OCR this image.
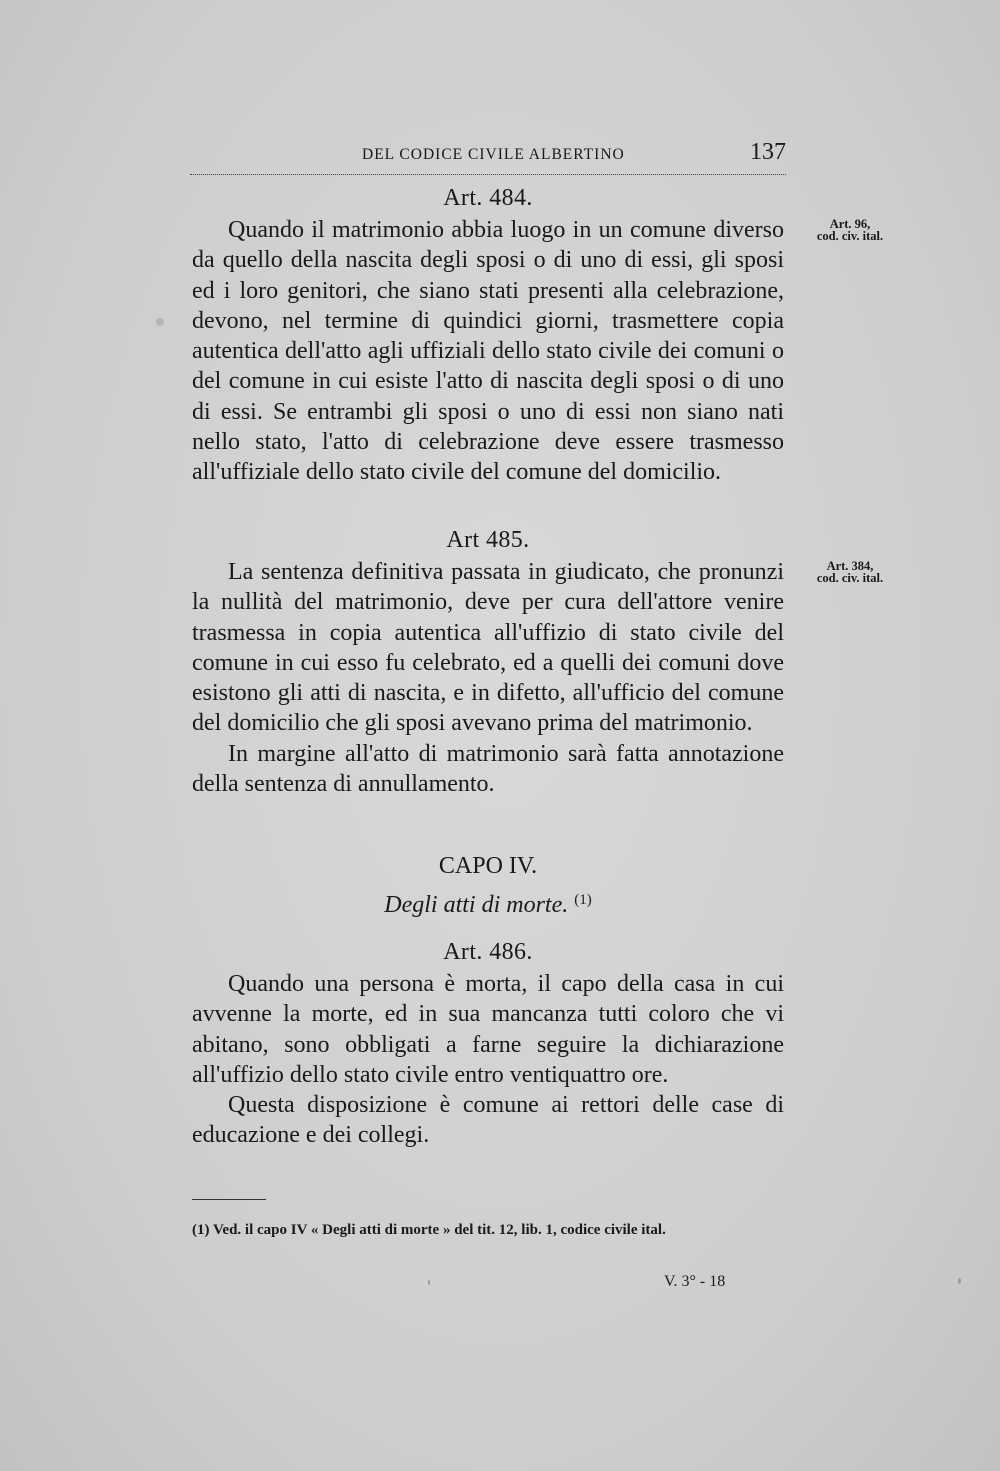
DEL CODICE CIVILE ALBERTINO	137
Art. 484.

Quando il matrimonio abbia luogo in un comune diverso da quello della nascita degli sposi o di uno di essi, gli sposi ed i loro genitori, che siano stati presenti alla celebrazione, devono, nel termine di quindici giorni, trasmettere copia autentica dell'atto agli uffiziali dello stato civile dei comuni o del comune in cui esiste l'atto di nascita degli sposi o di uno di essi. Se entrambi gli sposi o uno di essi non siano nati nello stato, l'atto di celebrazione deve essere trasmesso all'uffiziale dello stato civile del comune del domicilio.

Art 485.

La sentenza definitiva passata in giudicato, che pronunzi la nullità del matrimonio, deve per cura dell'attore venire trasmessa in copia autentica all'uffizio di stato civile del comune in cui esso fu celebrato, ed a quelli dei comuni dove esistono gli atti di nascita, e in difetto, all'ufficio del comune del domicilio che gli sposi avevano prima del matrimonio.

In margine all'atto di matrimonio sarà fatta annotazione della sentenza di annullamento.

CAPO IV.
Degli atti di morte. $^{(1)}$
Art. 486.

Quando una persona è morta, il capo della casa in cui avvenne la morte, ed in sua mancanza tutti coloro che vi abitano, sono obbligati a farne seguire la dichiarazione all'uffizio dello stato civile entro ventiquattro ore.

Questa disposizione è comune ai rettori delle case di educazione e dei collegi.

Art. 96,
cod. civ. ital.
Art. 384,
cod. civ. ital.
(1) Ved. il capo IV « Degli atti di morte » del tit. 12, lib. 1, codice civile ital.
V. 3° - 18
